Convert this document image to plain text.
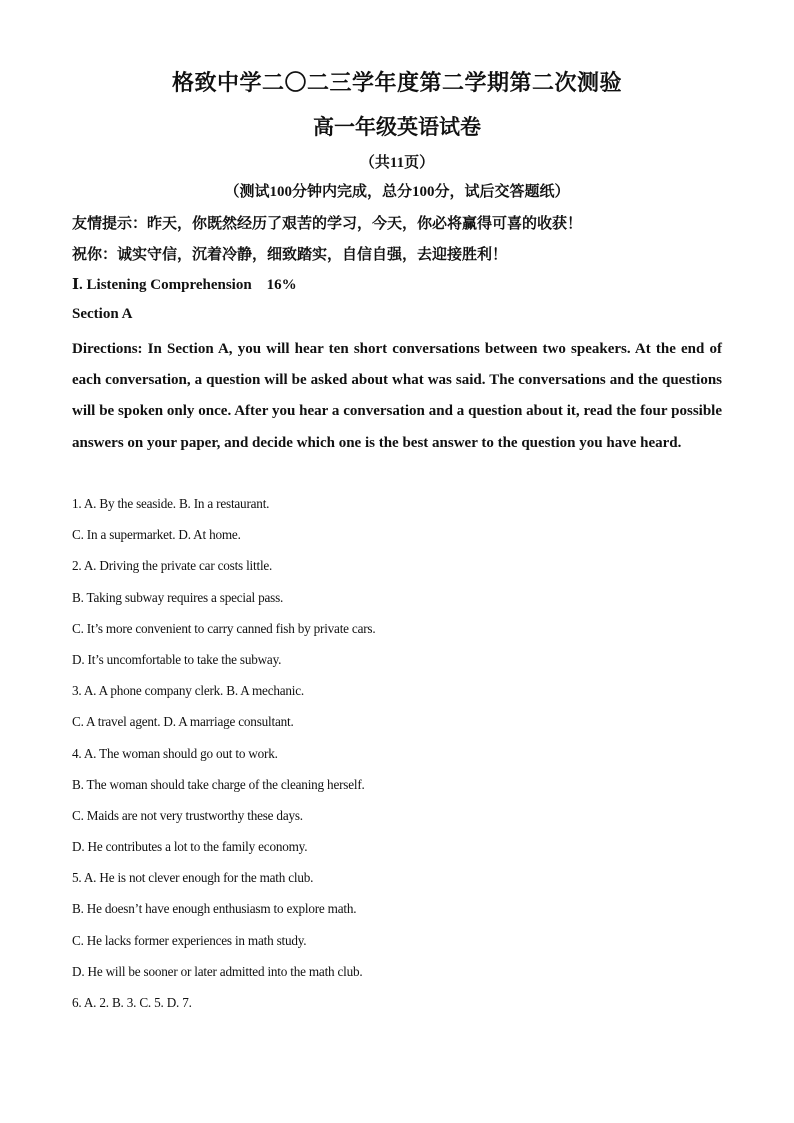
格致中学二〇二三学年度第二学期第二次测验
高一年级英语试卷
（共11页）
（测试100分钟内完成，总分100分，试后交答题纸）
友情提示：昨天，你既然经历了艰苦的学习，今天，你必将赢得可喜的收获！
祝你：诚实守信，沉着冷静，细致踏实，自信自强，去迎接胜利！
Ⅰ. Listening Comprehension    16%
Section A

Directions: In Section A, you will hear ten short conversations between two speakers. At the end of each conversation, a question will be asked about what was said. The conversations and the questions will be spoken only once. After you hear a conversation and a question about it, read the four possible answers on your paper, and decide which one is the best answer to the question you have heard.

1. A. By the seaside. B. In a restaurant.
C. In a supermarket. D. At home.
2. A. Driving the private car costs little.
B. Taking subway requires a special pass.
C. It’s more convenient to carry canned fish by private cars.
D. It’s uncomfortable to take the subway.
3. A. A phone company clerk. B. A mechanic.
C. A travel agent. D. A marriage consultant.
4. A. The woman should go out to work.
B. The woman should take charge of the cleaning herself.
C. Maids are not very trustworthy these days.
D. He contributes a lot to the family economy.
5. A. He is not clever enough for the math club.
B. He doesn’t have enough enthusiasm to explore math.
C. He lacks former experiences in math study.
D. He will be sooner or later admitted into the math club.
6. A. 2. B. 3. C. 5. D. 7.
